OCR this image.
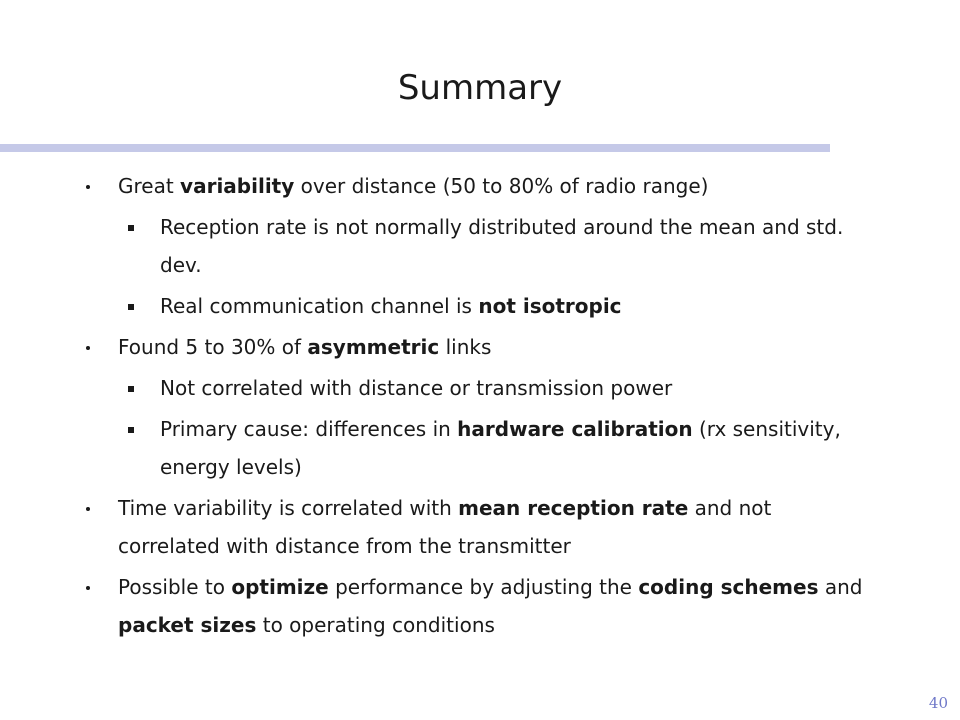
Summary

Great variability over distance (50 to 80% of radio range)

Reception rate is not normally distributed around the mean and std. dev.

Real communication channel is not isotropic

Found 5 to 30% of asymmetric links

Not correlated with distance or transmission power

Primary cause: differences in hardware calibration (rx sensitivity, energy levels)

Time variability is correlated with mean reception rate and not correlated with distance from the transmitter

Possible to optimize performance by adjusting the coding schemes and packet sizes to operating conditions

40
